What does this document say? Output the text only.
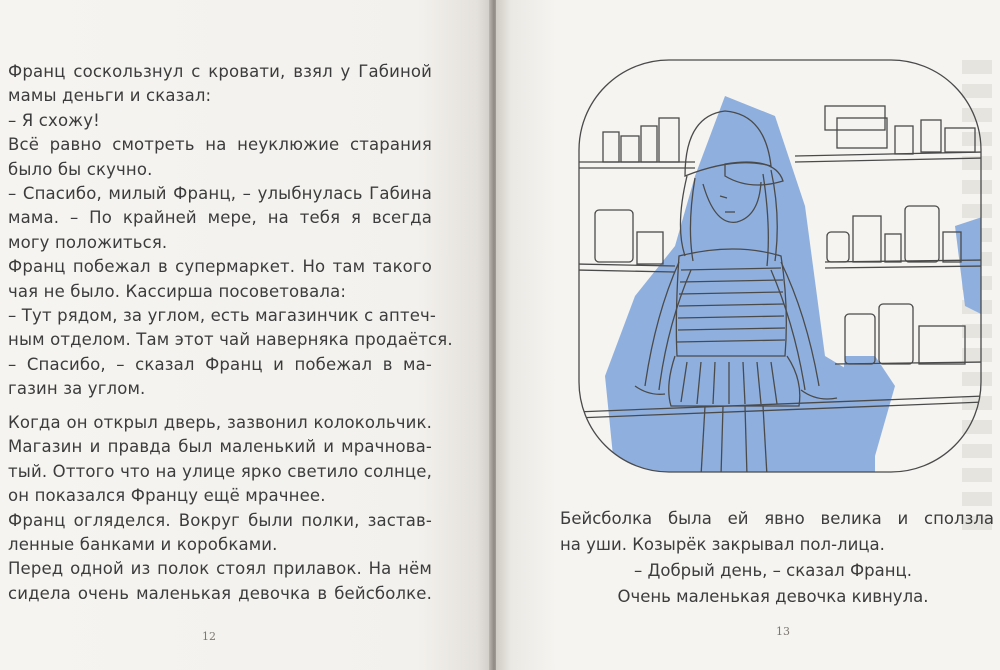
Франц соскользнул с кровати, взял у Габиной
мамы деньги и сказал:
– Я схожу!
Всё равно смотреть на неуклюжие старания
было бы скучно.
– Спасибо, милый Франц, – улыбнулась Габина
мама. – По крайней мере, на тебя я всегда
могу положиться.
Франц побежал в супермаркет. Но там такого
чая не было. Кассирша посоветовала:
– Тут рядом, за углом, есть магазинчик с аптеч-
ным отделом. Там этот чай наверняка продаётся.
– Спасибо, – сказал Франц и побежал в ма-
газин за углом.
Когда он открыл дверь, зазвонил колокольчик.
Магазин и правда был маленький и мрачнова-
тый. Оттого что на улице ярко светило солнце,
он показался Францу ещё мрачнее.
Франц огляделся. Вокруг были полки, застав-
ленные банками и коробками.
Перед одной из полок стоял прилавок. На нём
сидела очень маленькая девочка в бейсболке.
12
Бейсболка была ей явно велика и сползла
на уши. Козырёк закрывал пол-лица.
– Добрый день, – сказал Франц.
Очень маленькая девочка кивнула.
13
